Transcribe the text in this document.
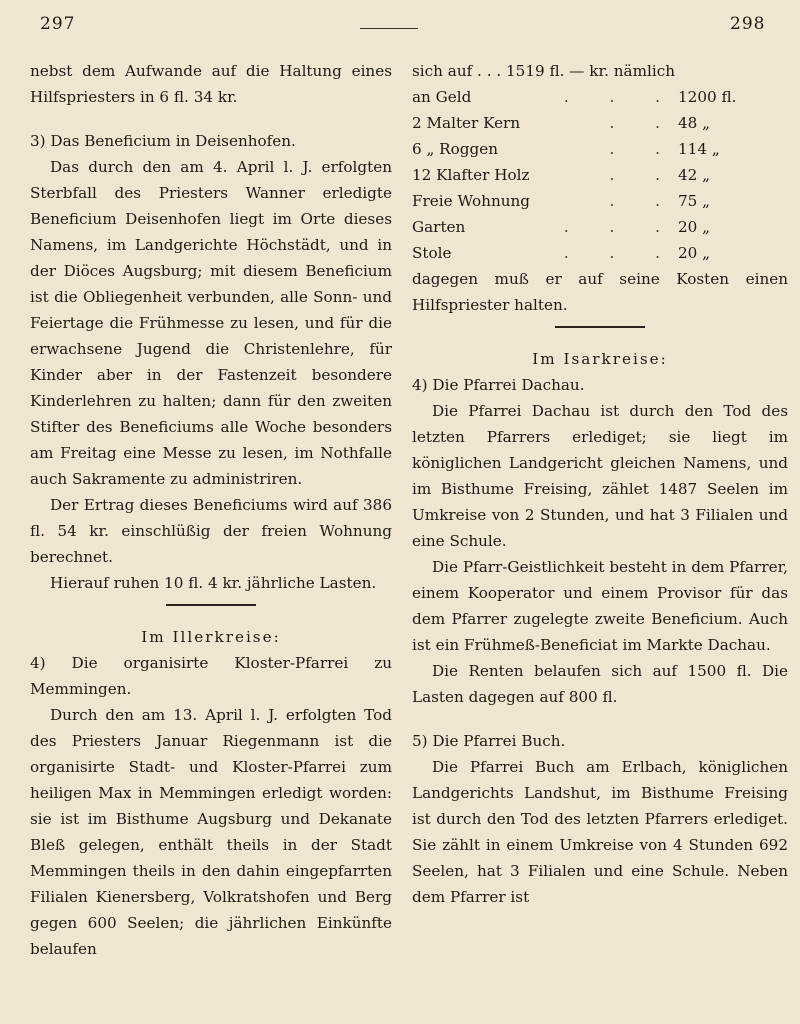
297	298

nebst dem Aufwande auf die Haltung eines Hilfspriesters in 6 fl. 34 kr.

3) Das Beneficium in Deisenhofen.

Das durch den am 4. April l. J. erfolgten Sterbfall des Priesters Wanner erledigte Beneficium Deisenhofen liegt im Orte dieses Namens, im Landgerichte Höchstädt, und in der Diöces Augsburg; mit diesem Beneficium ist die Obliegenheit verbunden, alle Sonn- und Feiertage die Frühmesse zu lesen, und für die erwachsene Jugend die Christenlehre, für Kinder aber in der Fastenzeit besondere Kinderlehren zu halten; dann für den zweiten Stifter des Beneficiums alle Woche besonders am Freitag eine Messe zu lesen, im Nothfalle auch Sakramente zu administriren.

Der Ertrag dieses Beneficiums wird auf 386 fl. 54 kr. einschlüßig der freien Wohnung berechnet.

Hierauf ruhen 10 fl. 4 kr. jährliche Lasten.

Im Illerkreise:

4) Die organisirte Kloster-Pfarrei zu Memmingen.

Durch den am 13. April l. J. erfolgten Tod des Priesters Januar Riegenmann ist die organisirte Stadt- und Kloster-Pfarrei zum heiligen Max in Memmingen erledigt worden: sie ist im Bisthume Augsburg und Dekanate Bleß gelegen, enthält theils in der Stadt Memmingen theils in den dahin eingepfarrten Filialen Kienersberg, Volkratshofen und Berg gegen 600 Seelen; die jährlichen Einkünfte belaufen

sich auf . . . 1519 fl. — kr. nämlich

an Geld	. . . 1200 fl.
2 Malter Kern	. . 48 „
6 „ Roggen	. . 114 „
12 Klafter Holz	. . 42 „
Freie Wohnung	. . 75 „
Garten	. . . 20 „
Stole	. . . 20 „

dagegen muß er auf seine Kosten einen Hilfspriester halten.

Im Isarkreise:

4) Die Pfarrei Dachau.

Die Pfarrei Dachau ist durch den Tod des letzten Pfarrers erlediget; sie liegt im königlichen Landgericht gleichen Namens, und im Bisthume Freising, zählet 1487 Seelen im Umkreise von 2 Stunden, und hat 3 Filialen und eine Schule.

Die Pfarr-Geistlichkeit besteht in dem Pfarrer, einem Kooperator und einem Provisor für das dem Pfarrer zugelegte zweite Beneficium. Auch ist ein Frühmeß-Beneficiat im Markte Dachau.

Die Renten belaufen sich auf 1500 fl. Die Lasten dagegen auf 800 fl.

5) Die Pfarrei Buch.

Die Pfarrei Buch am Erlbach, königlichen Landgerichts Landshut, im Bisthume Freising ist durch den Tod des letzten Pfarrers erlediget. Sie zählt in einem Umkreise von 4 Stunden 692 Seelen, hat 3 Filialen und eine Schule. Neben dem Pfarrer ist
